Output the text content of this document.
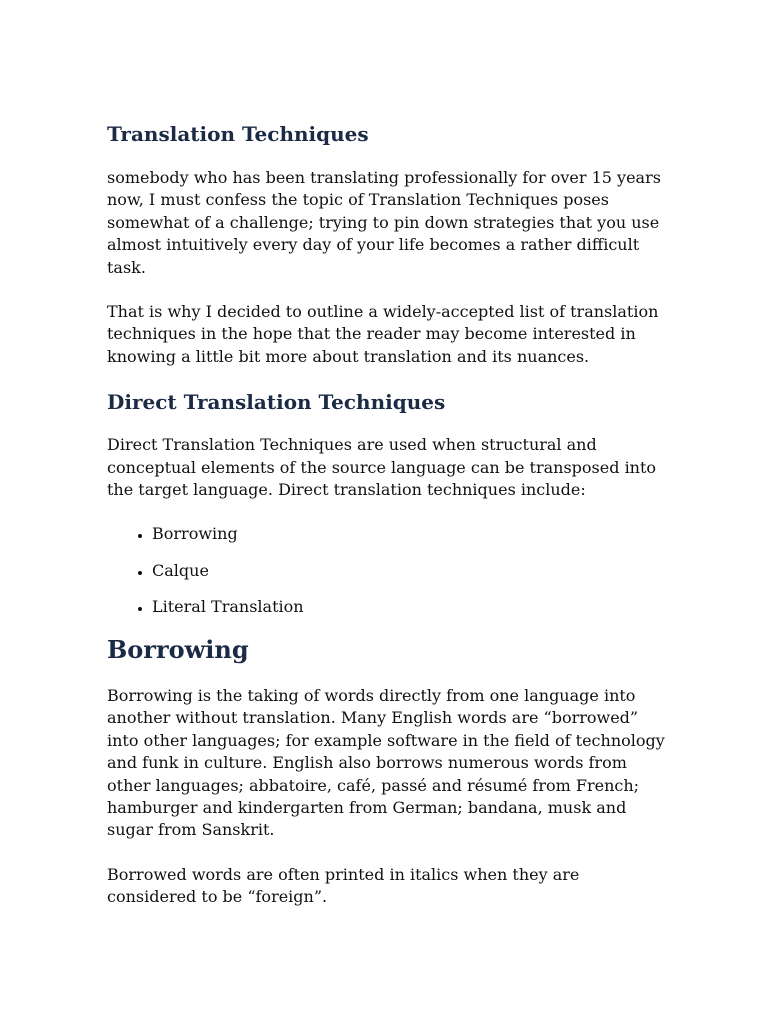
Translation Techniques

somebody who has been translating professionally for over 15 years now, I must confess the topic of Translation Techniques poses somewhat of a challenge; trying to pin down strategies that you use almost intuitively every day of your life becomes a rather difficult task.

That is why I decided to outline a widely-accepted list of translation techniques in the hope that the reader may become interested in knowing a little bit more about translation and its nuances.

Direct Translation Techniques

Direct Translation Techniques are used when structural and conceptual elements of the source language can be transposed into the target language. Direct translation techniques include:

• Borrowing
• Calque
• Literal Translation
Borrowing

Borrowing is the taking of words directly from one language into another without translation. Many English words are “borrowed” into other languages; for example software in the field of technology and funk in culture. English also borrows numerous words from other languages; abbatoire, café, passé and résumé from French; hamburger and kindergarten from German; bandana, musk and sugar from Sanskrit.

Borrowed words are often printed in italics when they are considered to be “foreign”.
